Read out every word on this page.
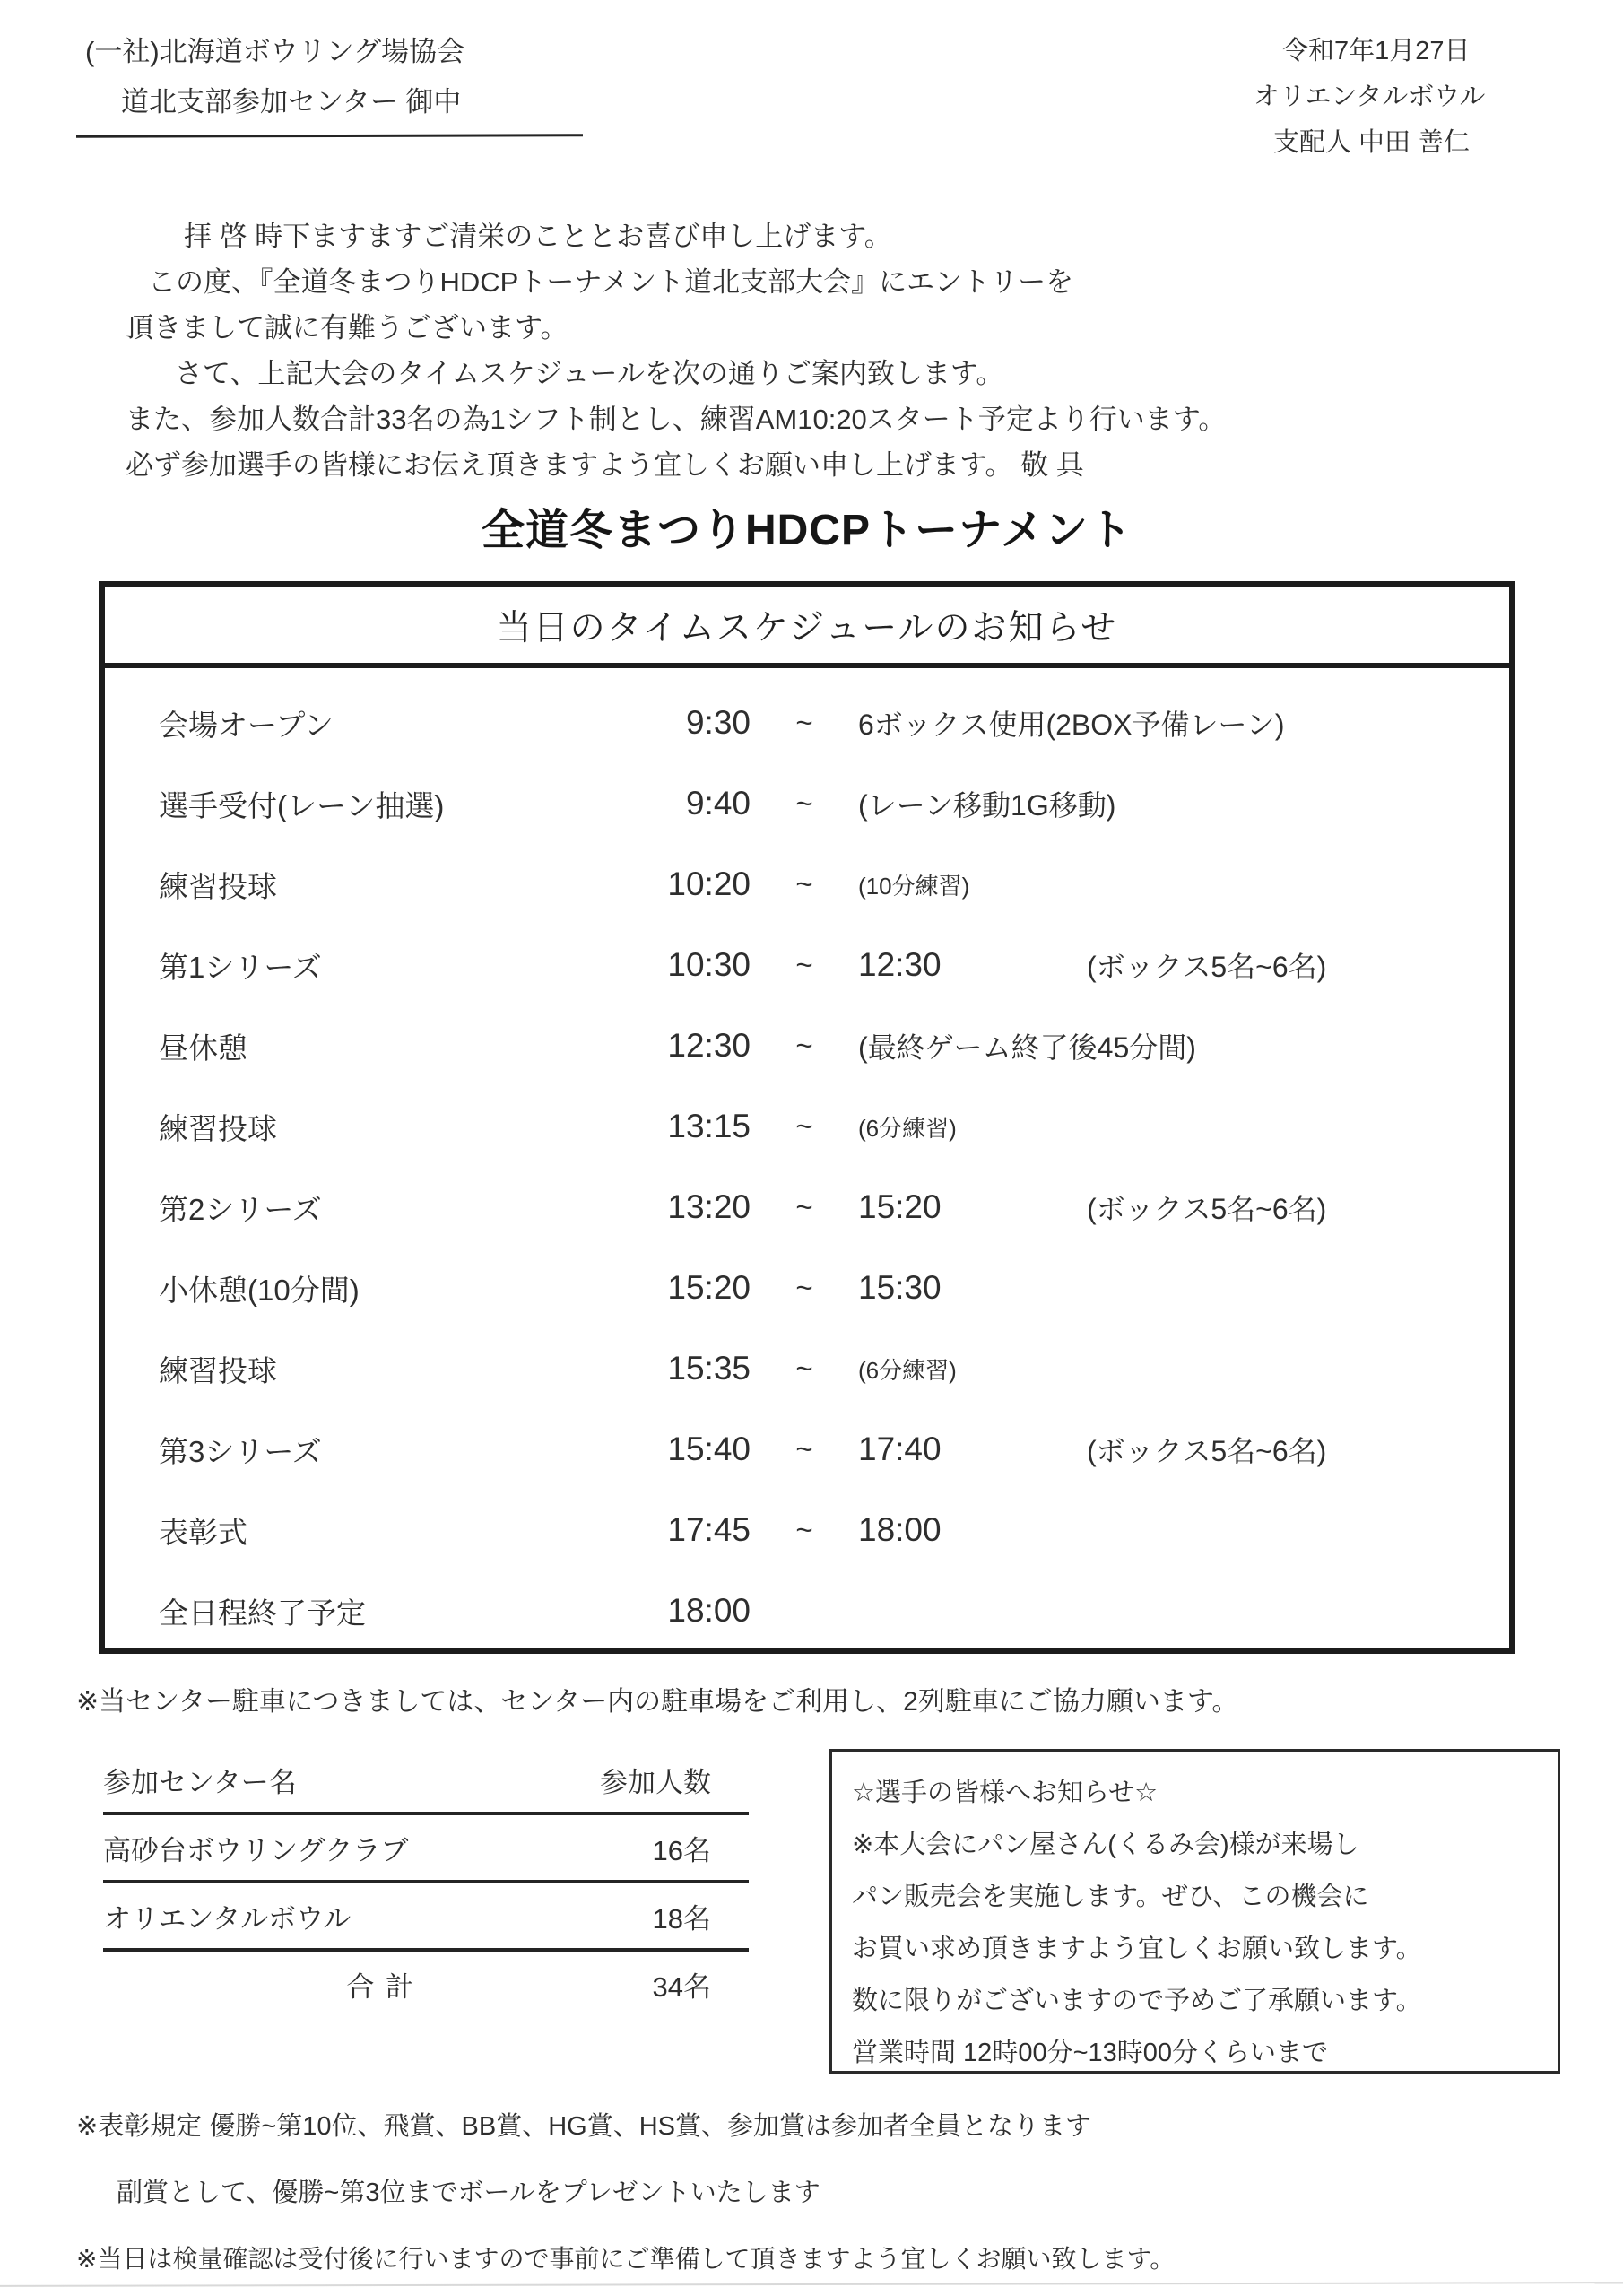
(一社)北海道ボウリング場協会
道北支部参加センター 御中
令和7年1月27日
オリエンタルボウル
支配人 中田 善仁
拝 啓 時下ますますご清栄のこととお喜び申し上げます。
この度、『全道冬まつりHDCPトーナメント道北支部大会』にエントリーを
頂きまして誠に有難うございます。
さて、上記大会のタイムスケジュールを次の通りご案内致します。
また、参加人数合計33名の為1シフト制とし、練習AM10:20スタート予定より行います。
必ず参加選手の皆様にお伝え頂きますよう宜しくお願い申し上げます。 敬 具
全道冬まつりHDCPトーナメント
当日のタイムスケジュールのお知らせ
会場オープン	9:30	~	6ボックス使用(2BOX予備レーン)
選手受付(レーン抽選)	9:40	~	(レーン移動1G移動)
練習投球	10:20	~	(10分練習)
第1シリーズ	10:30	~	12:30	(ボックス5名~6名)
昼休憩	12:30	~	(最終ゲーム終了後45分間)
練習投球	13:15	~	(6分練習)
第2シリーズ	13:20	~	15:20	(ボックス5名~6名)
小休憩(10分間)	15:20	~	15:30
練習投球	15:35	~	(6分練習)
第3シリーズ	15:40	~	17:40	(ボックス5名~6名)
表彰式	17:45	~	18:00
全日程終了予定	18:00
※当センター駐車につきましては、センター内の駐車場をご利用し、2列駐車にご協力願います。
参加センター名	参加人数
高砂台ボウリングクラブ	16名
オリエンタルボウル	18名
合 計	34名
☆選手の皆様へお知らせ☆
※本大会にパン屋さん(くるみ会)様が来場し
パン販売会を実施します。ぜひ、この機会に
お買い求め頂きますよう宜しくお願い致します。
数に限りがございますので予めご了承願います。
営業時間 12時00分~13時00分くらいまで
※表彰規定 優勝~第10位、飛賞、BB賞、HG賞、HS賞、参加賞は参加者全員となります
副賞として、優勝~第3位までボールをプレゼントいたします
※当日は検量確認は受付後に行いますので事前にご準備して頂きますよう宜しくお願い致します。
